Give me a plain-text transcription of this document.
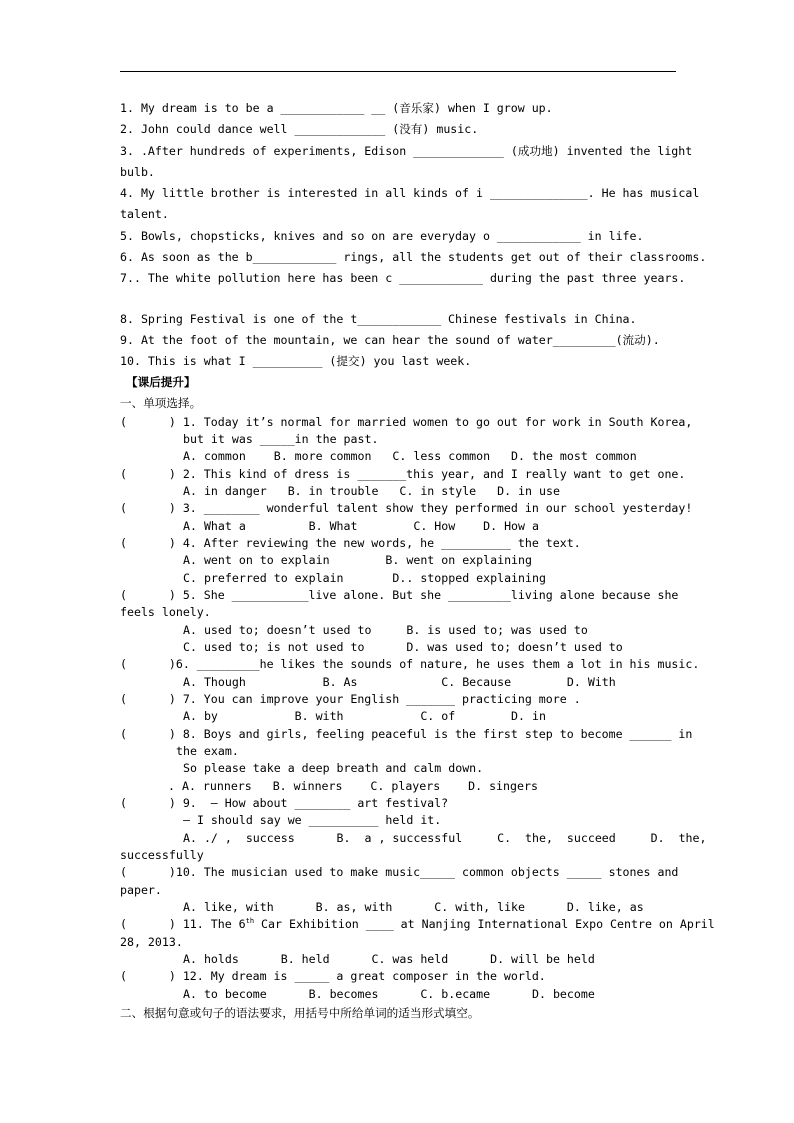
1. My dream is to be a ____________ __ (音乐家) when I grow up.
2. John could dance well _____________ (没有) music.
3. .After hundreds of experiments, Edison _____________ (成功地) invented the light
bulb.
4. My little brother is interested in all kinds of i ______________. He has musical
talent.
5. Bowls, chopsticks, knives and so on are everyday o ____________ in life.
6. As soon as the b____________ rings, all the students get out of their classrooms.
7.. The white pollution here has been c ____________ during the past three years.
8. Spring Festival is one of the t____________ Chinese festivals in China.
9. At the foot of the mountain, we can hear the sound of water_________(流动).
10. This is what I __________ (提交) you last week.
【课后提升】
一、单项选择。
(      ) 1. Today it’s normal for married women to go out for work in South Korea,
but it was _____in the past.
A. common    B. more common   C. less common   D. the most common
(      ) 2. This kind of dress is _______this year, and I really want to get one.
A. in danger   B. in trouble   C. in style   D. in use
(      ) 3. ________ wonderful talent show they performed in our school yesterday!
A. What a         B. What        C. How    D. How a
(      ) 4. After reviewing the new words, he __________ the text.
A. went on to explain        B. went on explaining
C. preferred to explain       D.. stopped explaining
(      ) 5. She ___________live alone. But she _________living alone because she
feels lonely.
A. used to; doesn’t used to     B. is used to; was used to
C. used to; is not used to      D. was used to; doesn’t used to
(      )6. _________he likes the sounds of nature, he uses them a lot in his music.
A. Though           B. As            C. Because        D. With
(      ) 7. You can improve your English _______ practicing more .
A. by           B. with           C. of        D. in
(      ) 8. Boys and girls, feeling peaceful is the first step to become ______ in
the exam.
So please take a deep breath and calm down.
. A. runners   B. winners    C. players    D. singers
(      ) 9.  – How about ________ art festival?
– I should say we __________ held it.
A. ./ ,  success      B.  a , successful     C.  the,  succeed     D.  the,
successfully
(      )10. The musician used to make music_____ common objects _____ stones and
paper.
A. like, with      B. as, with      C. with, like      D. like, as
(      ) 11. The 6th Car Exhibition ____ at Nanjing International Expo Centre on April
28, 2013.
A. holds      B. held      C. was held      D. will be held
(      ) 12. My dream is _____ a great composer in the world.
A. to become      B. becomes      C. b.ecame      D. become
二、根据句意或句子的语法要求，用括号中所给单词的适当形式填空。
